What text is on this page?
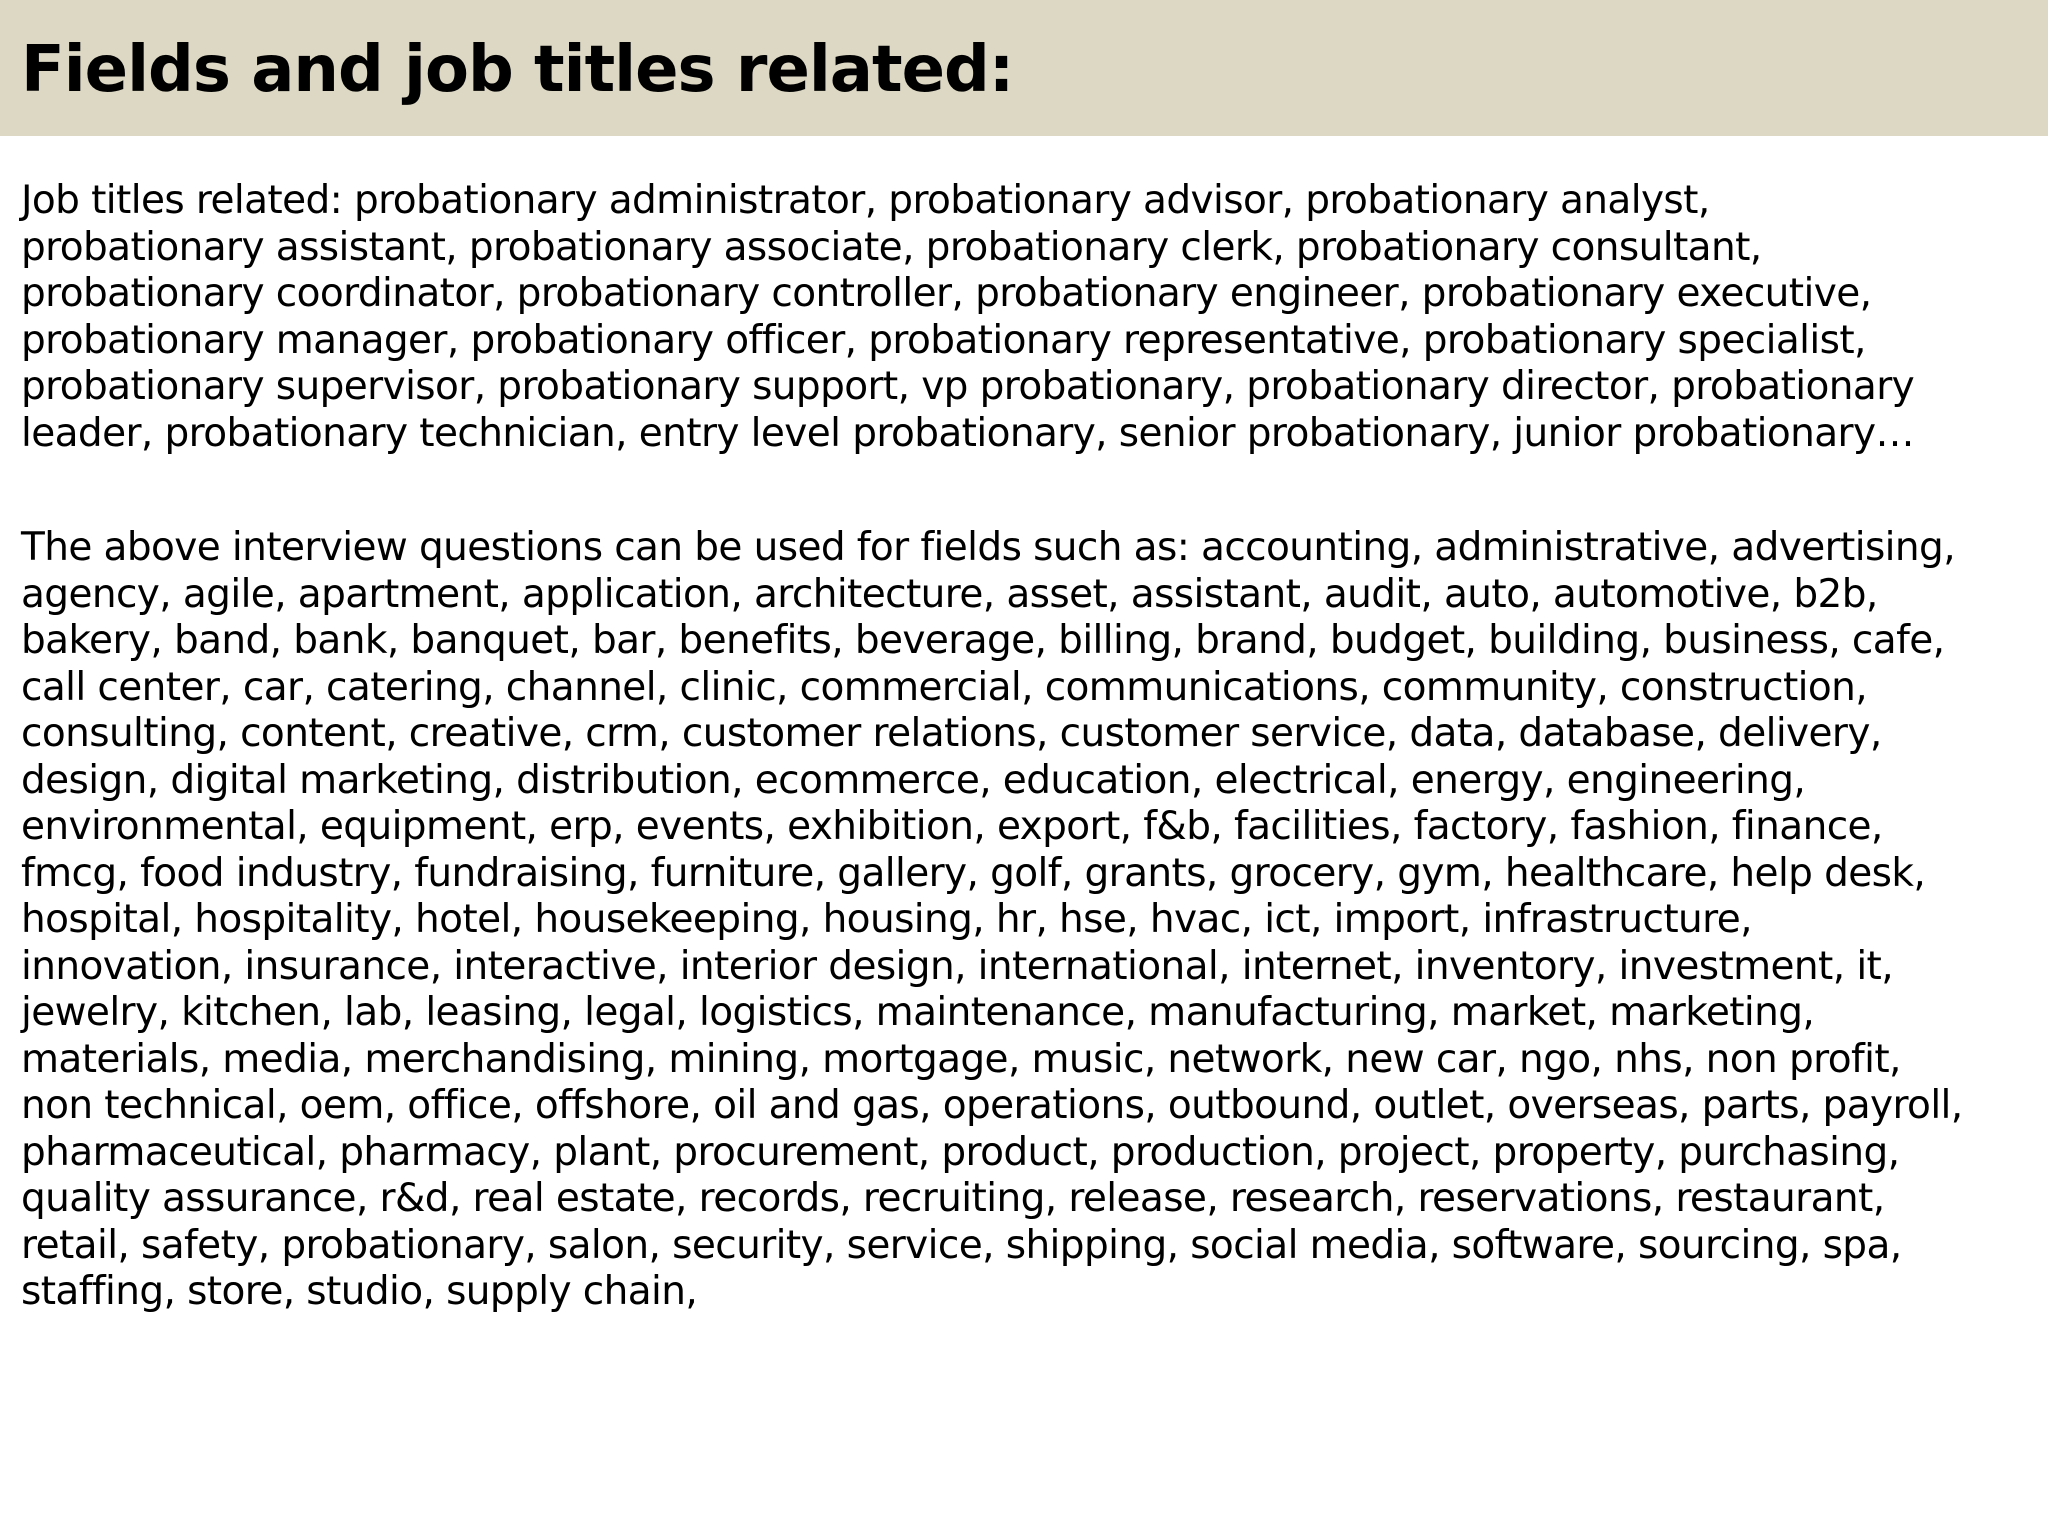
Fields and job titles related:

Job titles related: probationary administrator, probationary advisor, probationary analyst,
probationary assistant, probationary associate, probationary clerk, probationary consultant,
probationary coordinator, probationary controller, probationary engineer, probationary executive,
probationary manager, probationary officer, probationary representative, probationary specialist,
probationary supervisor, probationary support, vp probationary, probationary director, probationary
leader, probationary technician, entry level probationary, senior probationary, junior probationary…

The above interview questions can be used for fields such as: accounting, administrative, advertising,
agency, agile, apartment, application, architecture, asset, assistant, audit, auto, automotive, b2b,
bakery, band, bank, banquet, bar, benefits, beverage, billing, brand, budget, building, business, cafe,
call center, car, catering, channel, clinic, commercial, communications, community, construction,
consulting, content, creative, crm, customer relations, customer service, data, database, delivery,
design, digital marketing, distribution, ecommerce, education, electrical, energy, engineering,
environmental, equipment, erp, events, exhibition, export, f&b, facilities, factory, fashion, finance,
fmcg, food industry, fundraising, furniture, gallery, golf, grants, grocery, gym, healthcare, help desk,
hospital, hospitality, hotel, housekeeping, housing, hr, hse, hvac, ict, import, infrastructure,
innovation, insurance, interactive, interior design, international, internet, inventory, investment, it,
jewelry, kitchen, lab, leasing, legal, logistics, maintenance, manufacturing, market, marketing,
materials, media, merchandising, mining, mortgage, music, network, new car, ngo, nhs, non profit,
non technical, oem, office, offshore, oil and gas, operations, outbound, outlet, overseas, parts, payroll,
pharmaceutical, pharmacy, plant, procurement, product, production, project, property, purchasing,
quality assurance, r&d, real estate, records, recruiting, release, research, reservations, restaurant,
retail, safety, probationary, salon, security, service, shipping, social media, software, sourcing, spa,
staffing, store, studio, supply chain,
